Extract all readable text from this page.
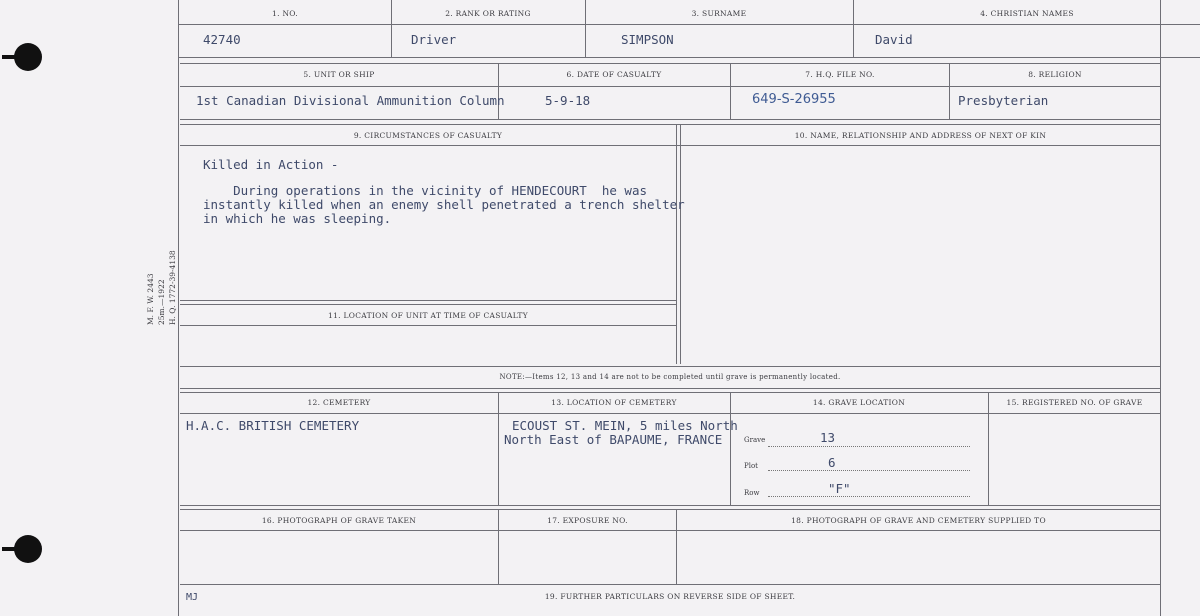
M. F. W. 2443 25m.—1922 H. Q. 1772-39-4138
1. NO.	2. RANK OR RATING	3. SURNAME	4. CHRISTIAN NAMES
42740	Driver	SIMPSON	David
5. UNIT OR SHIP	6. DATE OF CASUALTY	7. H.Q. FILE NO.	8. RELIGION
1st Canadian Divisional Ammunition Column	5-9-18	649-S-26955	Presbyterian
9. CIRCUMSTANCES OF CASUALTY	10. NAME, RELATIONSHIP AND ADDRESS OF NEXT OF KIN
Killed in Action -
During operations in the vicinity of HENDECOURT  he was
instantly killed when an enemy shell penetrated a trench shelter
in which he was sleeping.
11. LOCATION OF UNIT AT TIME OF CASUALTY
NOTE:—Items 12, 13 and 14 are not to be completed until grave is permanently located.
12. CEMETERY	13. LOCATION OF CEMETERY	14. GRAVE LOCATION	15. REGISTERED NO. OF GRAVE
H.A.C. BRITISH CEMETERY	ECOUST ST. MEIN, 5 miles North
North East of BAPAUME, FRANCE	Grave	13
Plot	6
Row	"F"
16. PHOTOGRAPH OF GRAVE TAKEN	17. EXPOSURE NO.	18. PHOTOGRAPH OF GRAVE AND CEMETERY SUPPLIED TO
19. FURTHER PARTICULARS ON REVERSE SIDE OF SHEET.
MJ
